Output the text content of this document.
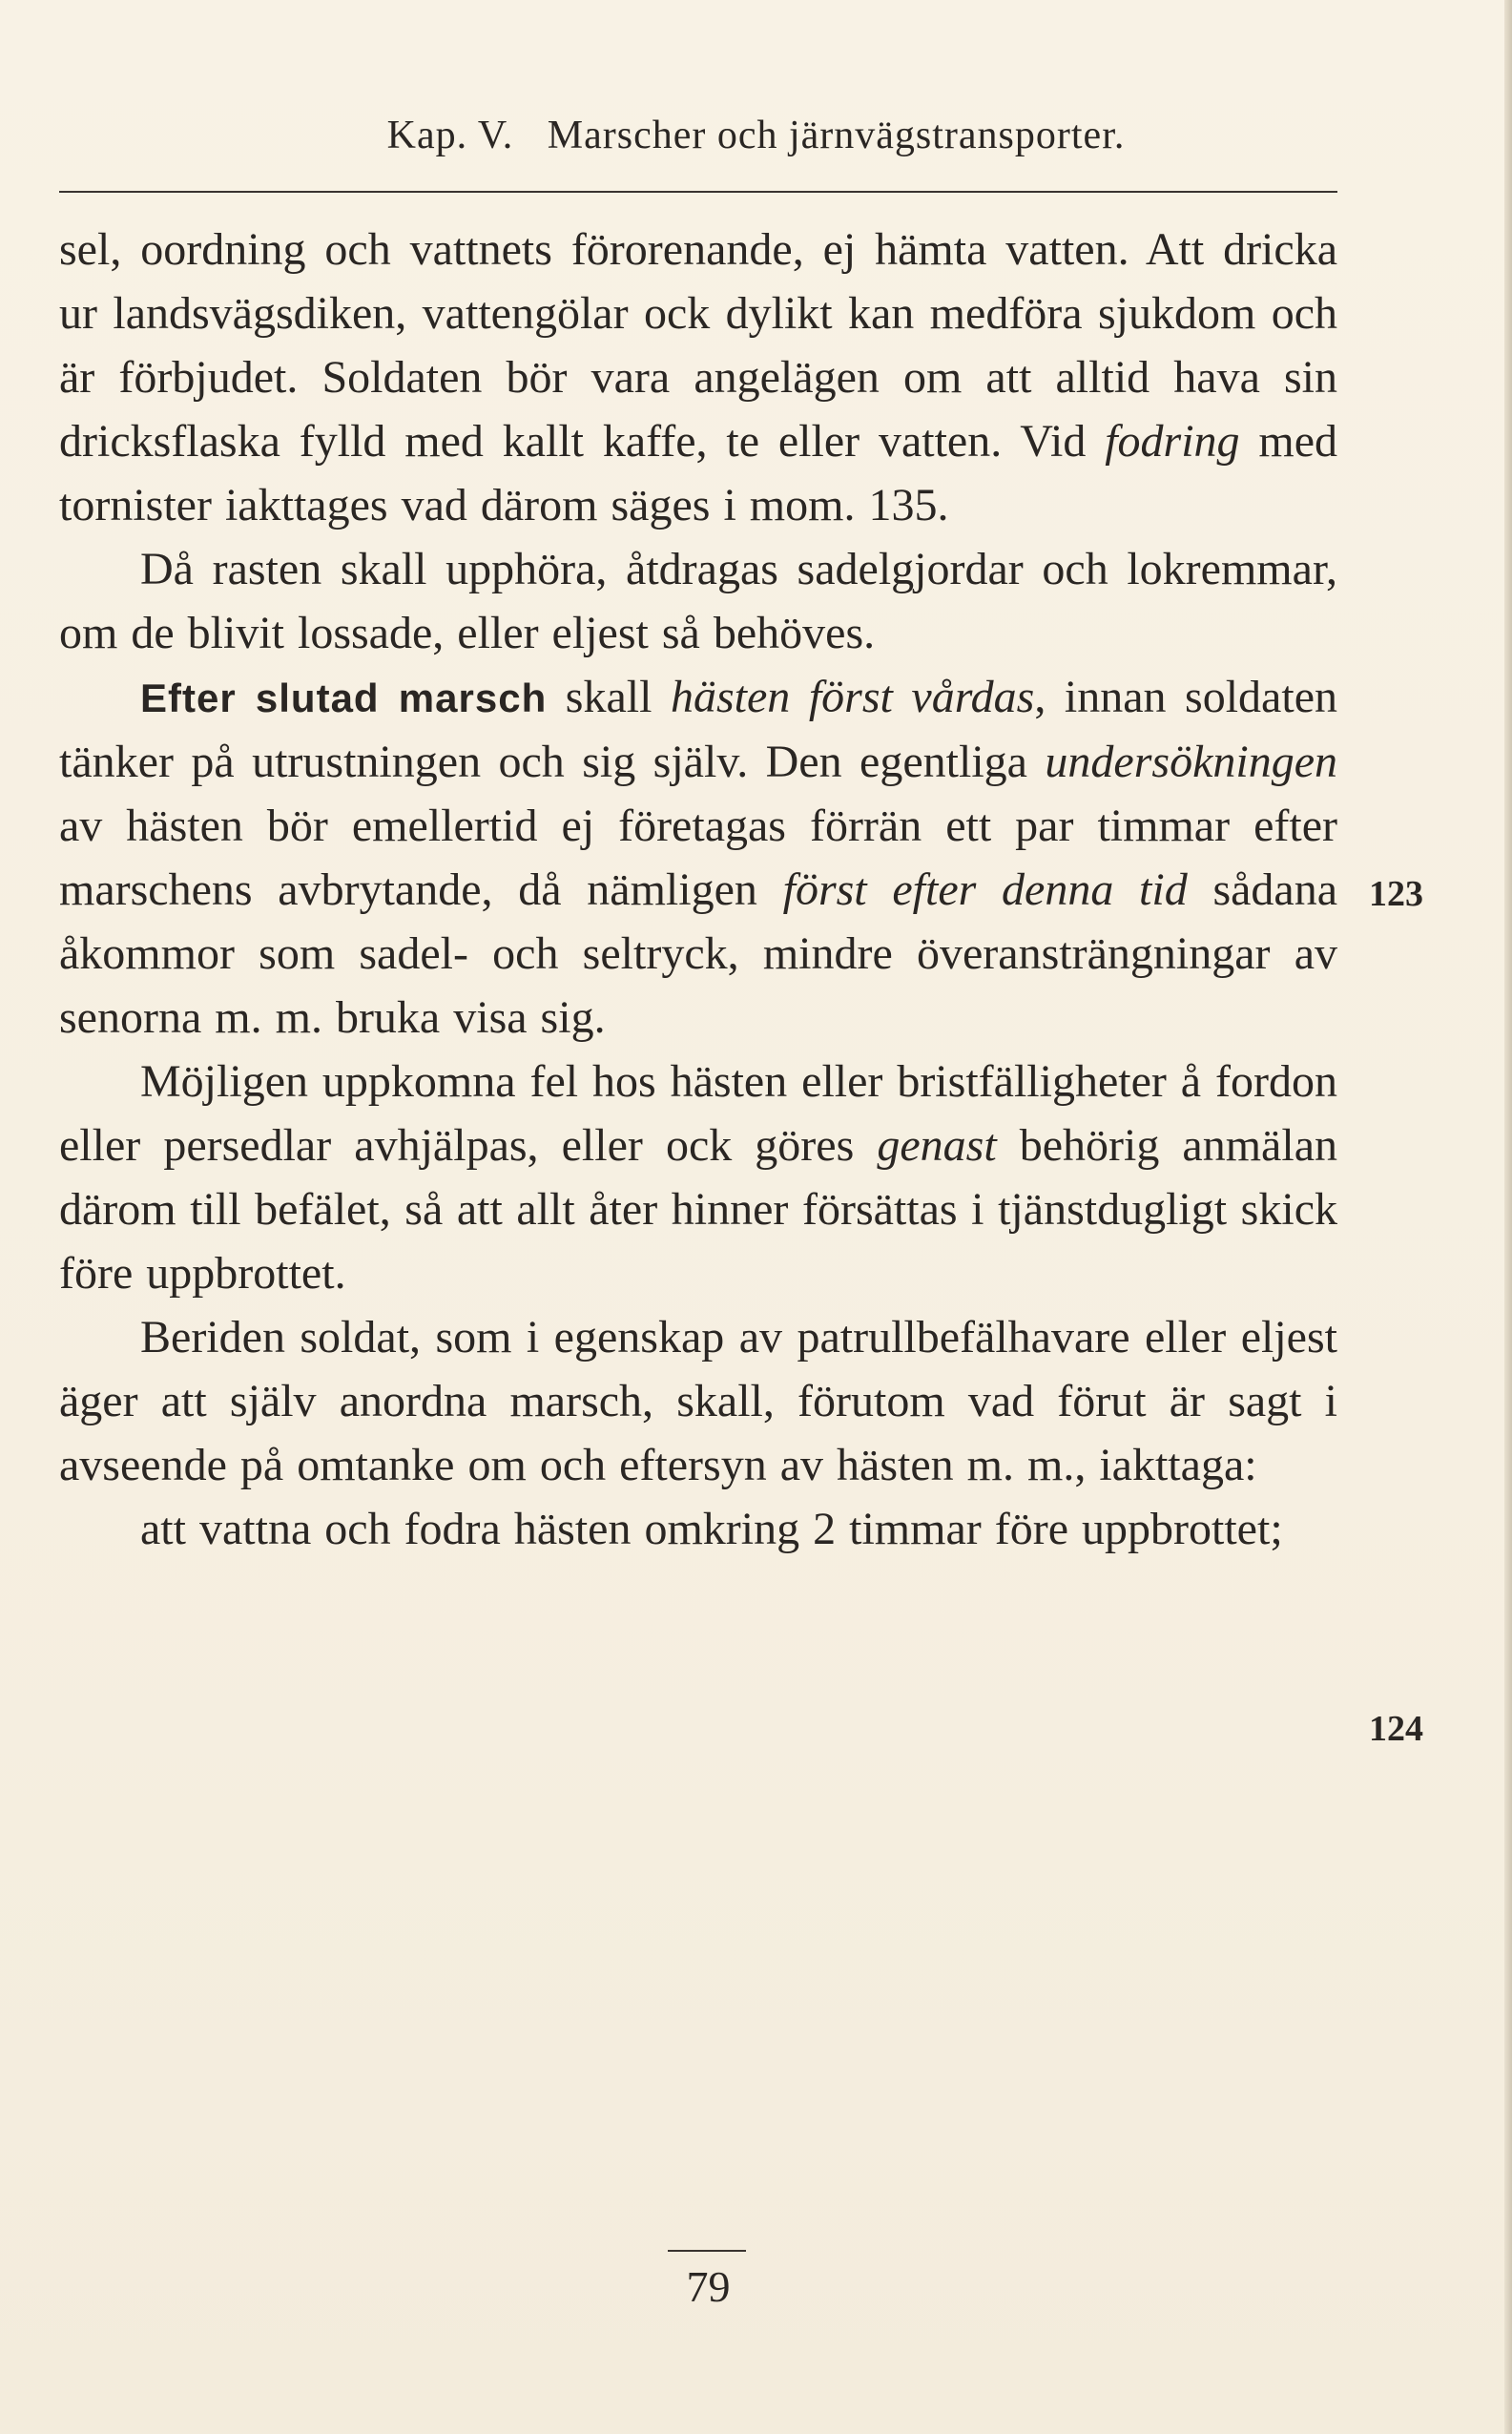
Kap. V. Marscher och järnvägstransporter.

sel, oordning och vattnets förorenande, ej hämta vatten. Att dricka ur landsvägsdiken, vattengölar ock dylikt kan medföra sjukdom och är förbjudet. Soldaten bör vara angelägen om att alltid hava sin dricksflaska fylld med kallt kaffe, te eller vatten. Vid fodring med tornister iakttages vad därom säges i mom. 135.

Då rasten skall upphöra, åtdragas sadelgjordar och lokremmar, om de blivit lossade, eller eljest så behöves.

Efter slutad marsch skall hästen först vårdas, innan soldaten tänker på utrustningen och sig själv. Den egentliga undersökningen av hästen bör emellertid ej företagas förrän ett par timmar efter marschens avbrytande, då nämligen först efter denna tid sådana åkommor som sadel- och seltryck, mindre överansträngningar av senorna m. m. bruka visa sig.

Möjligen uppkomna fel hos hästen eller bristfälligheter å fordon eller persedlar avhjälpas, eller ock göres genast behörig anmälan därom till befälet, så att allt åter hinner försättas i tjänstdugligt skick före uppbrottet.

Beriden soldat, som i egenskap av patrullbefälhavare eller eljest äger att själv anordna marsch, skall, förutom vad förut är sagt i avseende på omtanke om och eftersyn av hästen m. m., iakttaga:

att vattna och fodra hästen omkring 2 timmar före uppbrottet;

123
124
79
